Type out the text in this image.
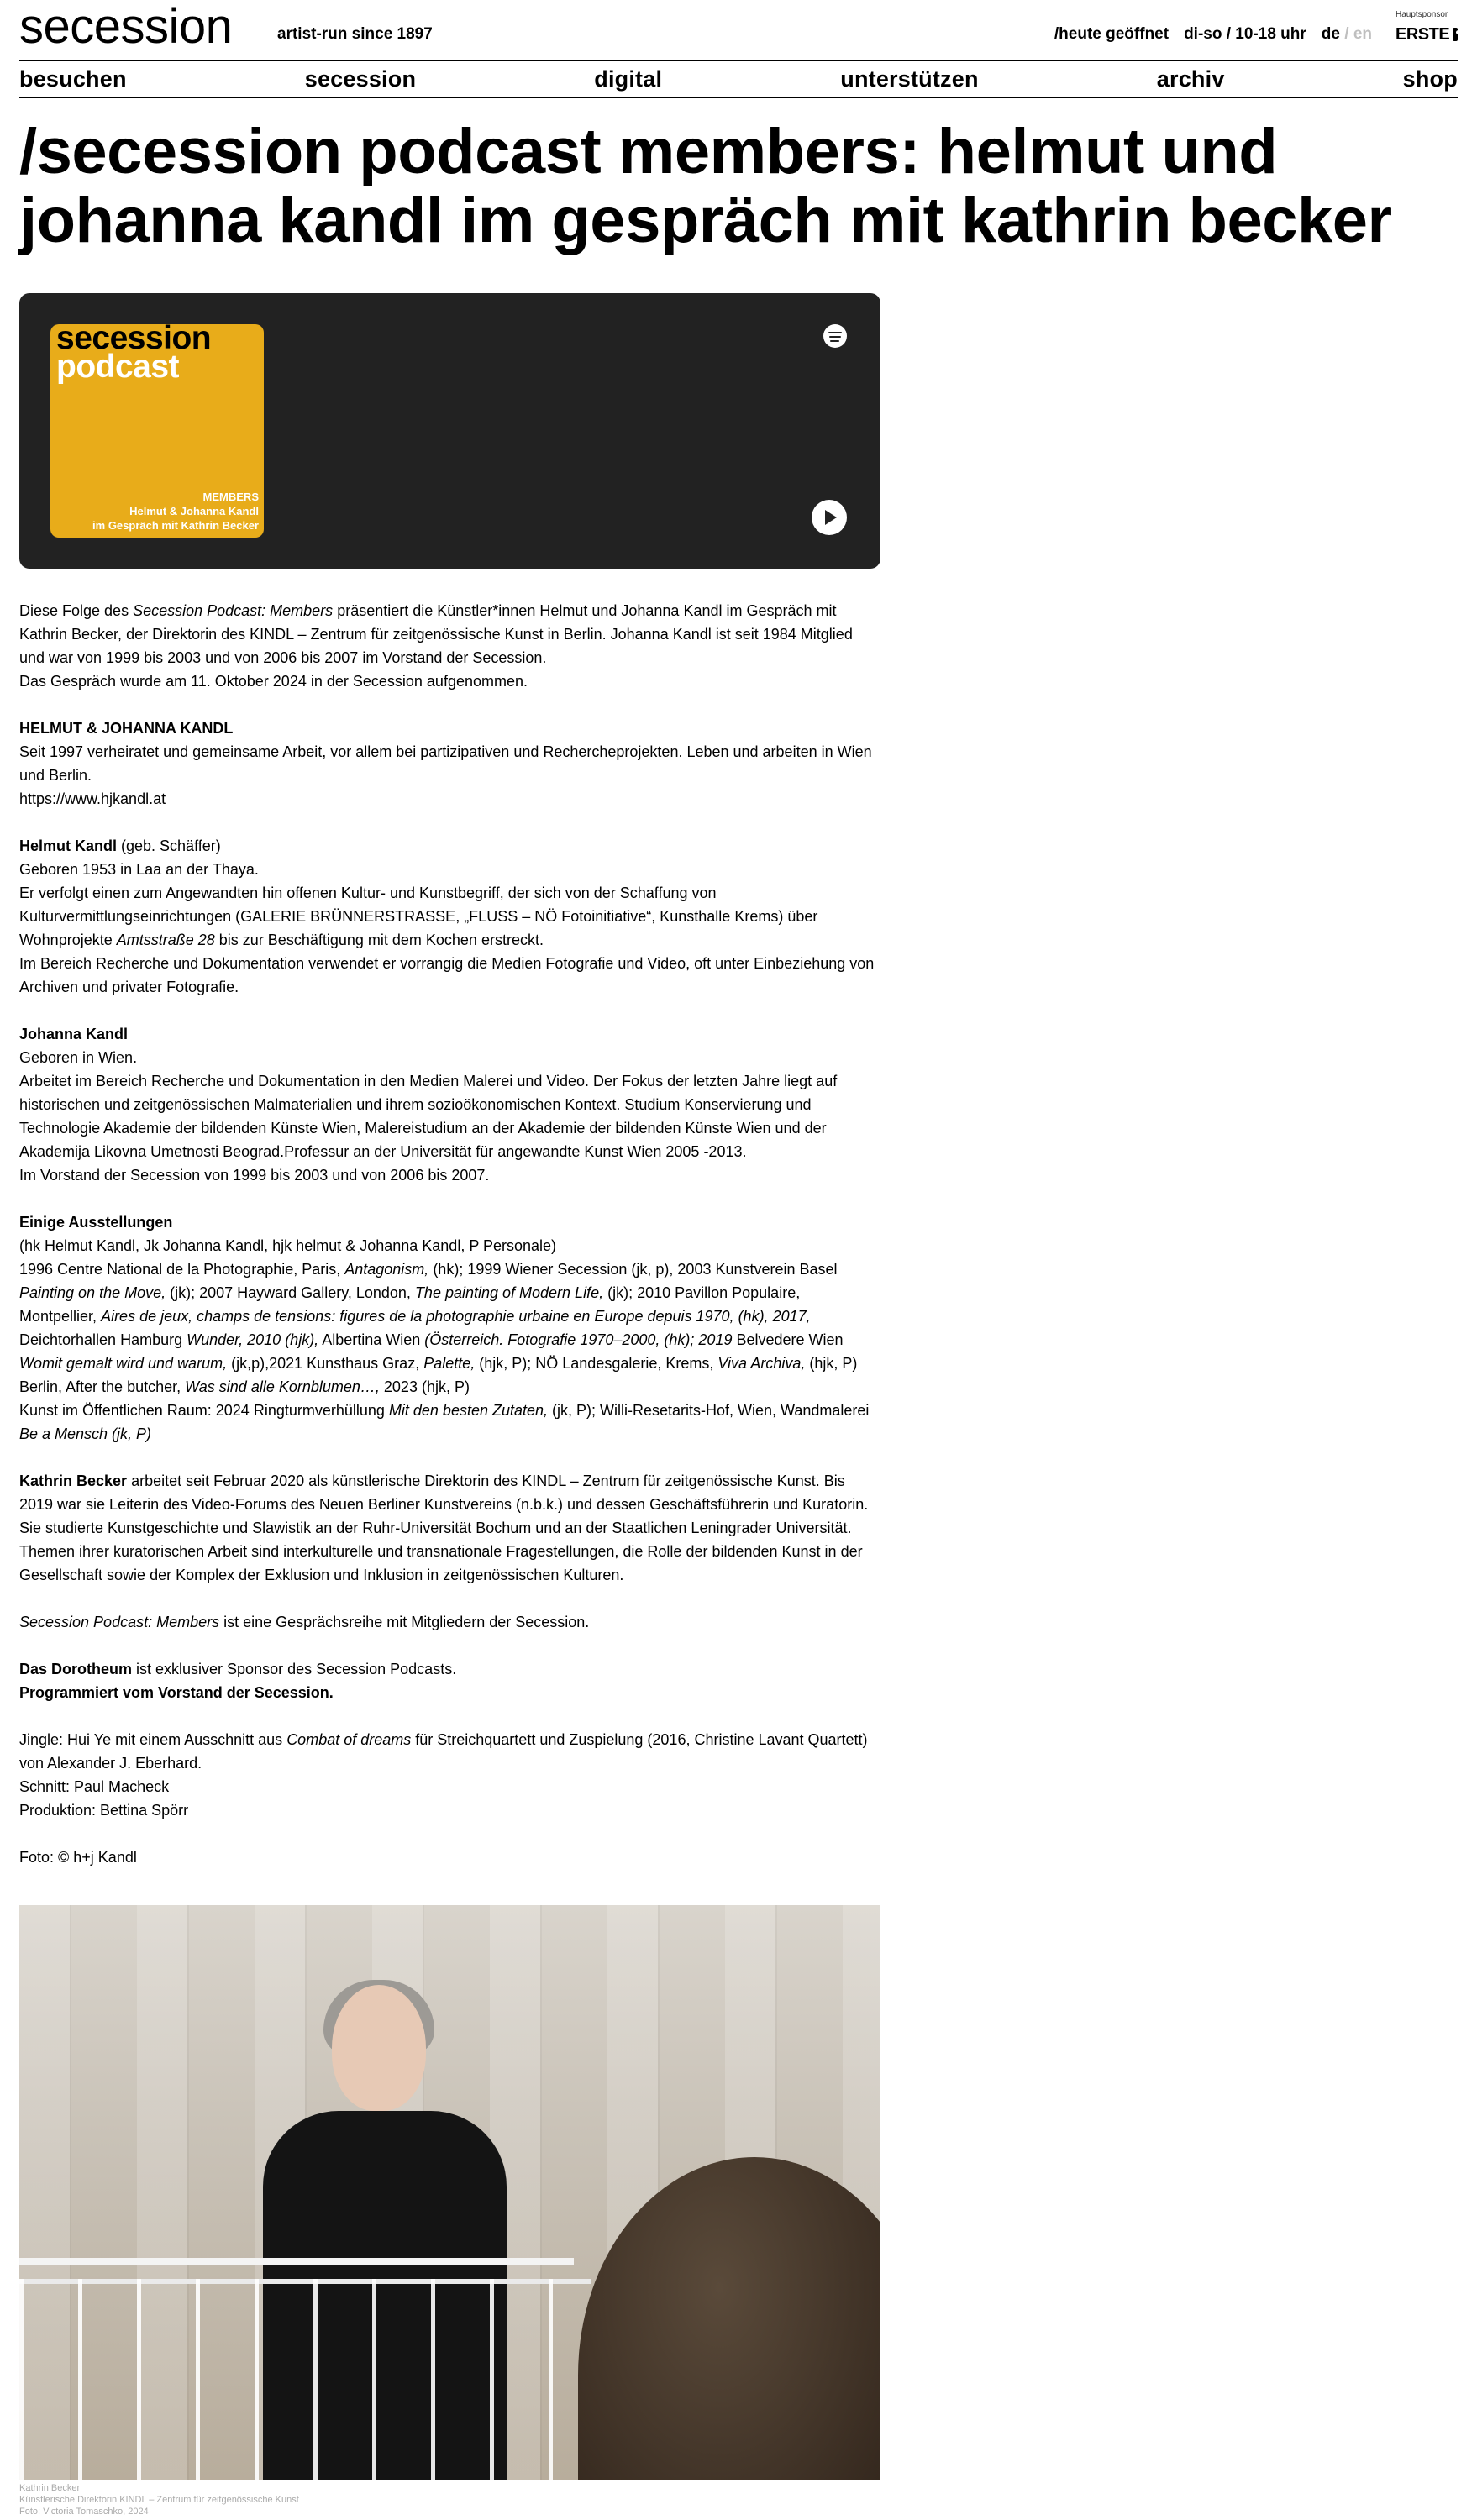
secession	artist-run since 1897	/heute geöffnet di-so / 10-18 uhr de / en
Hauptsponsor
ERSTE
besuchen	secession	digital	unterstützen	archiv	shop
/secession podcast members: helmut und johanna kandl im gespräch mit kathrin becker
secession
podcast
MEMBERS
Helmut & Johanna Kandl
im Gespräch mit Kathrin Becker

Diese Folge des Secession Podcast: Members präsentiert die Künstler*innen Helmut und Johanna Kandl im Gespräch mit Kathrin Becker, der Direktorin des KINDL – Zentrum für zeitgenössische Kunst in Berlin. Johanna Kandl ist seit 1984 Mitglied und war von 1999 bis 2003 und von 2006 bis 2007 im Vorstand der Secession.
Das Gespräch wurde am 11. Oktober 2024 in der Secession aufgenommen.

HELMUT & JOHANNA KANDL
Seit 1997 verheiratet und gemeinsame Arbeit, vor allem bei partizipativen und Rechercheprojekten. Leben und arbeiten in Wien und Berlin.
https://www.hjkandl.at

Helmut Kandl (geb. Schäffer)
Geboren 1953 in Laa an der Thaya.
Er verfolgt einen zum Angewandten hin offenen Kultur- und Kunstbegriff, der sich von der Schaffung von Kulturvermittlungseinrichtungen (GALERIE BRÜNNERSTRASSE, „FLUSS – NÖ Fotoinitiative“, Kunsthalle Krems) über Wohnprojekte Amtsstraße 28 bis zur Beschäftigung mit dem Kochen erstreckt.
Im Bereich Recherche und Dokumentation verwendet er vorrangig die Medien Fotografie und Video, oft unter Einbeziehung von Archiven und privater Fotografie.

Johanna Kandl
Geboren in Wien.
Arbeitet im Bereich Recherche und Dokumentation in den Medien Malerei und Video. Der Fokus der letzten Jahre liegt auf historischen und zeitgenössischen Malmaterialien und ihrem sozioökonomischen Kontext. Studium Konservierung und Technologie Akademie der bildenden Künste Wien, Malereistudium an der Akademie der bildenden Künste Wien und der Akademija Likovna Umetnosti Beograd.Professur an der Universität für angewandte Kunst Wien 2005 -2013.
Im Vorstand der Secession von 1999 bis 2003 und von 2006 bis 2007.

Einige Ausstellungen
(hk Helmut Kandl, Jk Johanna Kandl, hjk helmut & Johanna Kandl, P Personale)
1996 Centre National de la Photographie, Paris, Antagonism, (hk); 1999 Wiener Secession (jk, p), 2003 Kunstverein Basel Painting on the Move, (jk); 2007 Hayward Gallery, London, The painting of Modern Life, (jk); 2010 Pavillon Populaire, Montpellier, Aires de jeux, champs de tensions: figures de la photographie urbaine en Europe depuis 1970, (hk), 2017, Deichtorhallen Hamburg Wunder, 2010 (hjk), Albertina Wien (Österreich. Fotografie 1970–2000, (hk); 2019 Belvedere Wien Womit gemalt wird und warum, (jk,p),2021 Kunsthaus Graz, Palette, (hjk, P); NÖ Landesgalerie, Krems, Viva Archiva, (hjk, P) Berlin, After the butcher, Was sind alle Kornblumen…, 2023 (hjk, P)
Kunst im Öffentlichen Raum: 2024 Ringturmverhüllung Mit den besten Zutaten, (jk, P); Willi-Resetarits-Hof, Wien, Wandmalerei Be a Mensch (jk, P)

Kathrin Becker arbeitet seit Februar 2020 als künstlerische Direktorin des KINDL – Zentrum für zeitgenössische Kunst. Bis 2019 war sie Leiterin des Video-Forums des Neuen Berliner Kunstvereins (n.b.k.) und dessen Geschäftsführerin und Kuratorin. Sie studierte Kunstgeschichte und Slawistik an der Ruhr-Universität Bochum und an der Staatlichen Leningrader Universität. Themen ihrer kuratorischen Arbeit sind interkulturelle und transnationale Fragestellungen, die Rolle der bildenden Kunst in der Gesellschaft sowie der Komplex der Exklusion und Inklusion in zeitgenössischen Kulturen.

Secession Podcast: Members ist eine Gesprächsreihe mit Mitgliedern der Secession.

Das Dorotheum ist exklusiver Sponsor des Secession Podcasts.
Programmiert vom Vorstand der Secession.

Jingle: Hui Ye mit einem Ausschnitt aus Combat of dreams für Streichquartett und Zuspielung (2016, Christine Lavant Quartett) von Alexander J. Eberhard.
Schnitt: Paul Macheck
Produktion: Bettina Spörr

Foto: © h+j Kandl

Kathrin Becker
Künstlerische Direktorin KINDL – Zentrum für zeitgenössische Kunst
Foto: Victoria Tomaschko, 2024
